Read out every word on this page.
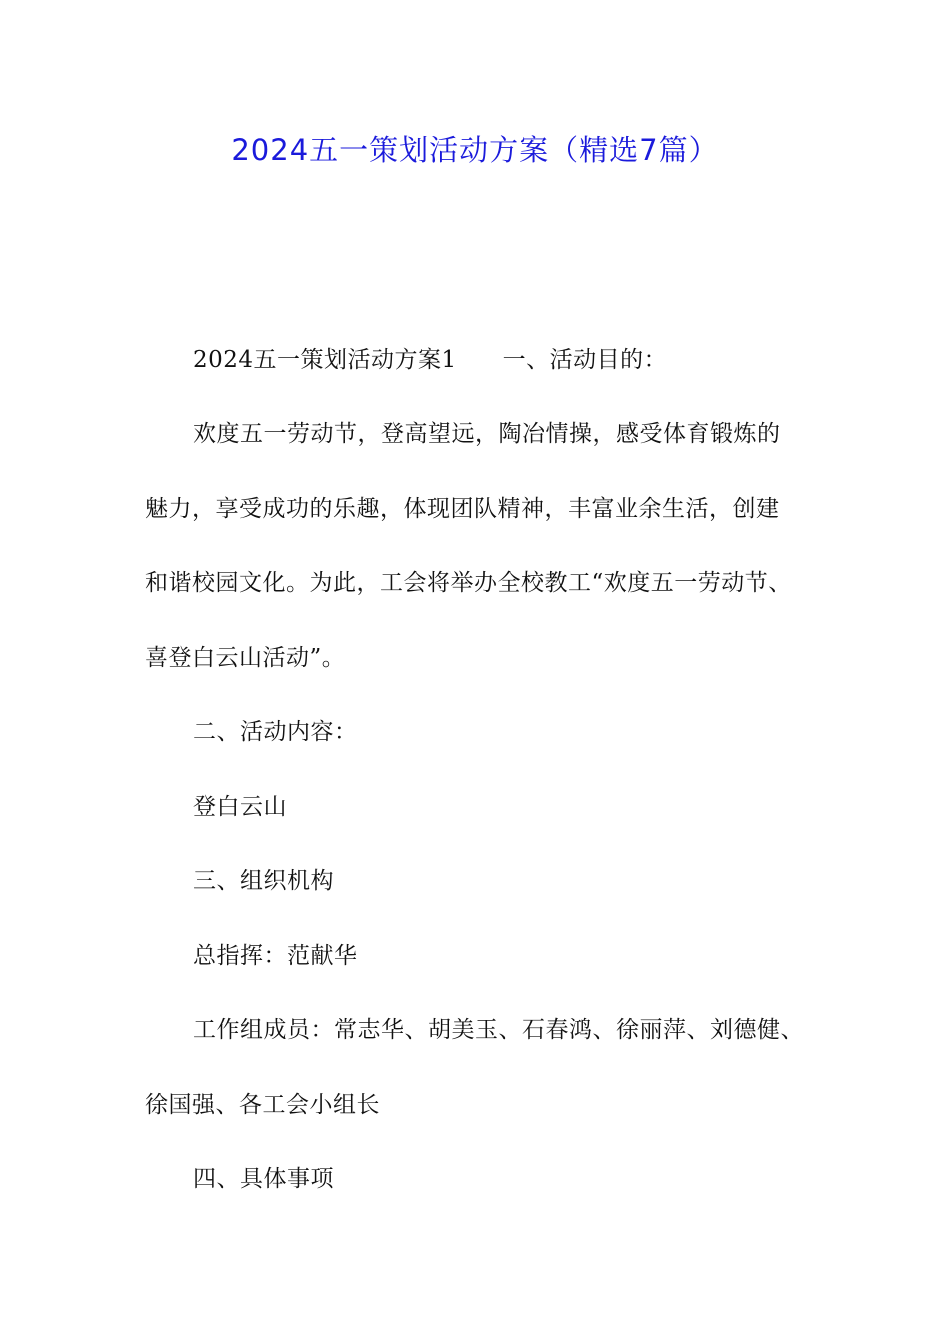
2024五一策划活动方案（精选7篇）
2024五一策划活动方案1 一、活动目的：
欢度五一劳动节，登高望远，陶冶情操，感受体育锻炼的
魅力，享受成功的乐趣，体现团队精神，丰富业余生活，创建
和谐校园文化。为此，工会将举办全校教工“欢度五一劳动节、
喜登白云山活动”。
二、活动内容：
登白云山
三、组织机构
总指挥：范献华
工作组成员：常志华、胡美玉、石春鸿、徐丽萍、刘德健、
徐国强、各工会小组长
四、具体事项
